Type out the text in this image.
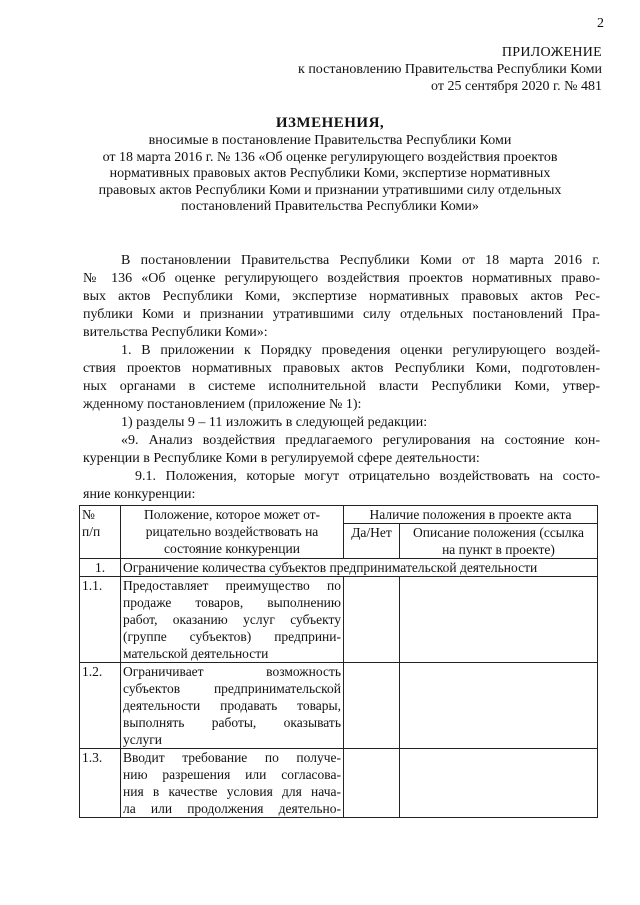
2
ПРИЛОЖЕНИЕ
к постановлению Правительства Республики Коми
от 25 сентября 2020 г. № 481
ИЗМЕНЕНИЯ,
вносимые в постановление Правительства Республики Коми
от 18 марта 2016 г. № 136 «Об оценке регулирующего воздействия проектов
нормативных правовых актов Республики Коми, экспертизе нормативных
правовых актов Республики Коми и признании утратившими силу отдельных
постановлений Правительства Республики Коми»
В постановлении Правительства Республики Коми от 18 марта 2016 г.
№ 136 «Об оценке регулирующего воздействия проектов нормативных право-
вых актов Республики Коми, экспертизе нормативных правовых актов Рес-
публики Коми и признании утратившими силу отдельных постановлений Пра-
вительства Республики Коми»:
1. В приложении к Порядку проведения оценки регулирующего воздей-
ствия проектов нормативных правовых актов Республики Коми, подготовлен-
ных органами в системе исполнительной власти Республики Коми, утвер-
жденному постановлением (приложение № 1):
1) разделы 9 – 11 изложить в следующей редакции:
«9. Анализ воздействия предлагаемого регулирования на состояние кон-
куренции в Республике Коми в регулируемой сфере деятельности:
9.1. Положения, которые могут отрицательно воздействовать на состо-
яние конкуренции:
№
п/п	Положение, которое может от-
рицательно воздействовать на
состояние конкуренции	Наличие положения в проекте акта	
		Да/Нет	Описание положения (ссылка
на пункт в проекте)

1.	Ограничение количества субъектов предпринимательской деятельности		
1.1.	Предоставляет преимущество по
продаже товаров, выполнению
работ, оказанию услуг субъекту
(группе субъектов) предприни-
мательской деятельности		

1.2.	Ограничивает возможность
субъектов предпринимательской
деятельности продавать товары,
выполнять работы, оказывать
услуги		

1.3.	Вводит требование по получе-
нию разрешения или согласова-
ния в качестве условия для нача-
ла или продолжения деятельно-		
